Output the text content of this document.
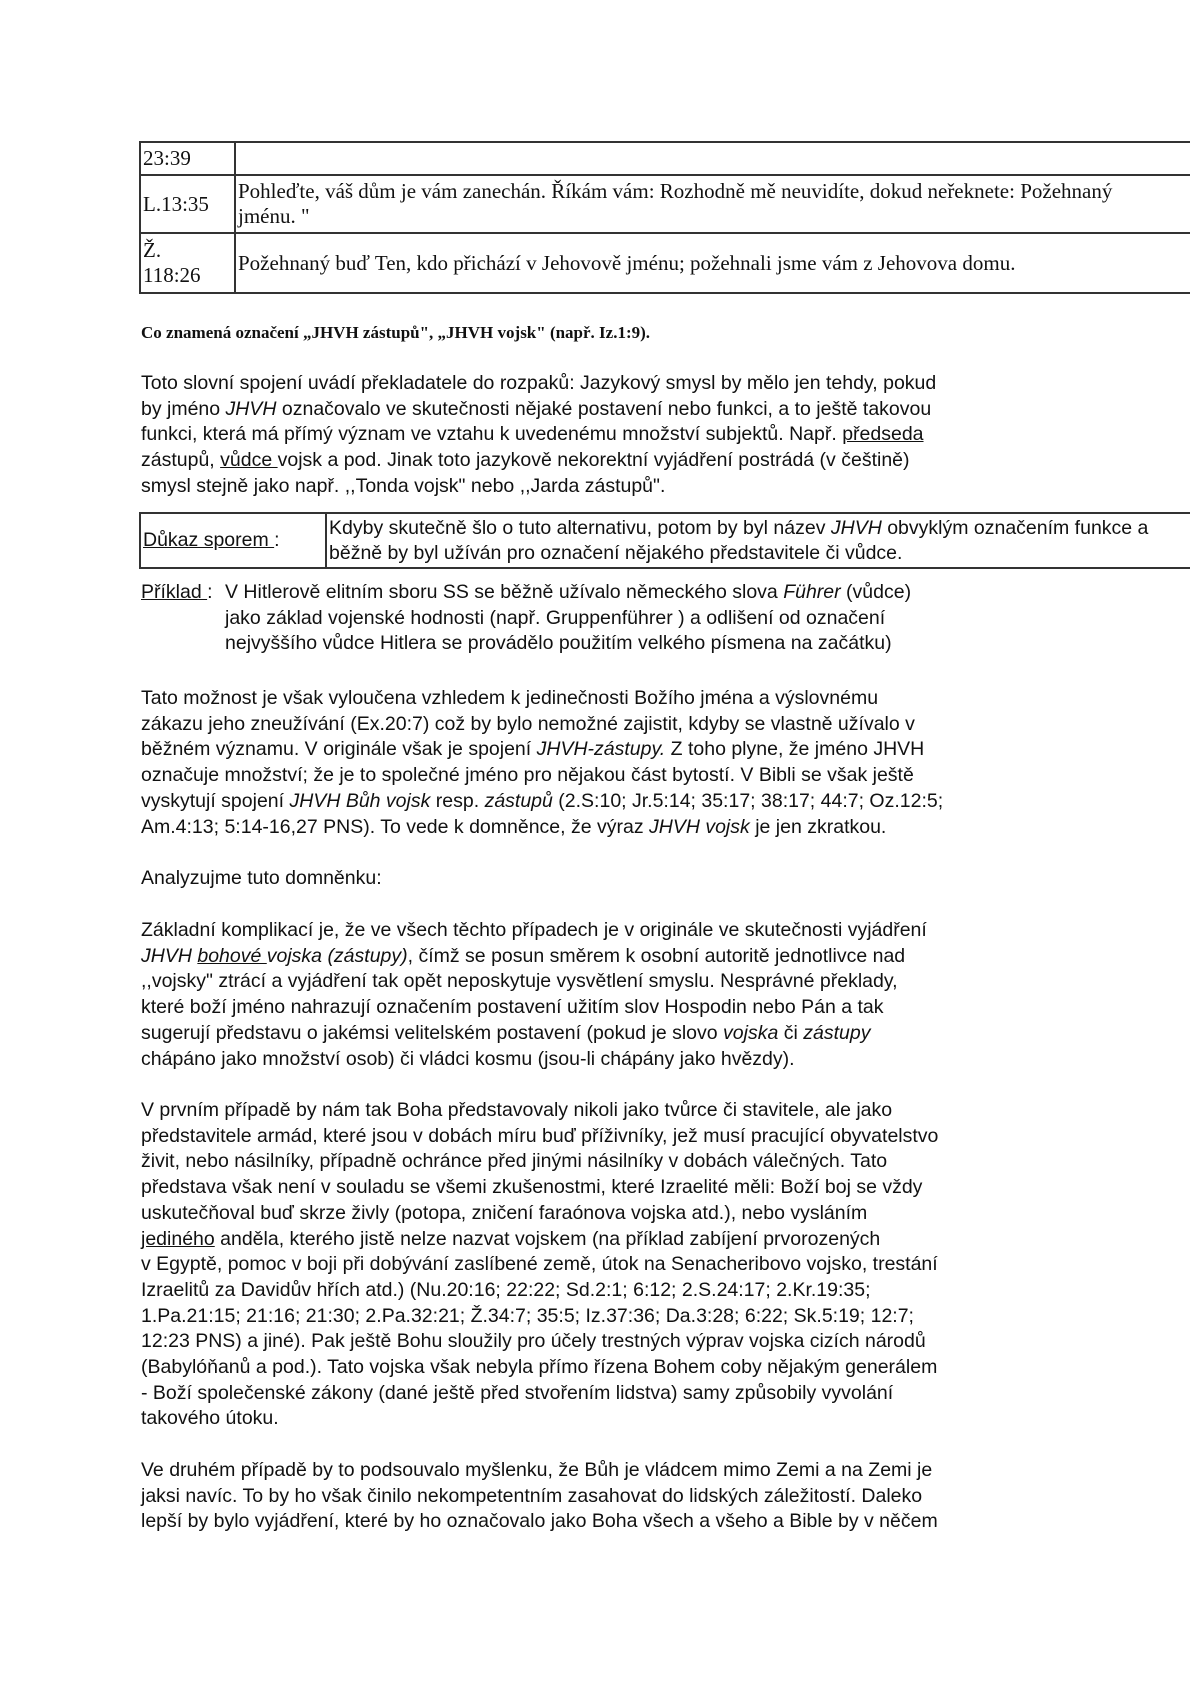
23:39	
L.13:35	Pohleďte, váš dům je vám zanechán. Říkám vám: Rozhodně mě neuvidíte, dokud neřeknete: Požehnaný
jménu. "
Ž.
118:26	Požehnaný buď Ten, kdo přichází v Jehovově jménu; požehnali jsme vám z Jehovova domu.
Co znamená označení „JHVH zástupů", „JHVH vojsk" (např. Iz.1:9).
Toto slovní spojení uvádí překladatele do rozpaků: Jazykový smysl by mělo jen tehdy, pokud
by jméno JHVH označovalo ve skutečnosti nějaké postavení nebo funkci, a to ještě takovou
funkci, která má přímý význam ve vztahu k uvedenému množství subjektů. Např. předseda
zástupů, vůdce vojsk a pod. Jinak toto jazykově nekorektní vyjádření postrádá (v češtině)
smysl stejně jako např. ,,Tonda vojsk" nebo ,,Jarda zástupů".
Důkaz sporem :	Kdyby skutečně šlo o tuto alternativu, potom by byl název JHVH obvyklým označením funkce a
běžně by byl užíván pro označení nějakého představitele či vůdce.
Příklad : V Hitlerově elitním sboru SS se běžně užívalo německého slova Führer (vůdce)
jako základ vojenské hodnosti (např. Gruppenführer ) a odlišení od označení
nejvyššího vůdce Hitlera se provádělo použitím velkého písmena na začátku)
Tato možnost je však vyloučena vzhledem k jedinečnosti Božího jména a výslovnému
zákazu jeho zneužívání (Ex.20:7) což by bylo nemožné zajistit, kdyby se vlastně užívalo v
běžném významu. V originále však je spojení JHVH-zástupy. Z toho plyne, že jméno JHVH
označuje množství; že je to společné jméno pro nějakou část bytostí. V Bibli se však ještě
vyskytují spojení JHVH Bůh vojsk resp. zástupů (2.S:10; Jr.5:14; 35:17; 38:17; 44:7; Oz.12:5;
Am.4:13; 5:14-16,27 PNS). To vede k domněnce, že výraz JHVH vojsk je jen zkratkou.
Analyzujme tuto domněnku:
Základní komplikací je, že ve všech těchto případech je v originále ve skutečnosti vyjádření
JHVH bohové vojska (zástupy), čímž se posun směrem k osobní autoritě jednotlivce nad
,,vojsky" ztrácí a vyjádření tak opět neposkytuje vysvětlení smyslu. Nesprávné překlady,
které boží jméno nahrazují označením postavení užitím slov Hospodin nebo Pán a tak
sugerují představu o jakémsi velitelském postavení (pokud je slovo vojska či zástupy
chápáno jako množství osob) či vládci kosmu (jsou-li chápány jako hvězdy).
V prvním případě by nám tak Boha představovaly nikoli jako tvůrce či stavitele, ale jako
představitele armád, které jsou v dobách míru buď příživníky, jež musí pracující obyvatelstvo
živit, nebo násilníky, případně ochránce před jinými násilníky v dobách válečných. Tato
představa však není v souladu se všemi zkušenostmi, které Izraelité měli: Boží boj se vždy
uskutečňoval buď skrze živly (potopa, zničení faraónova vojska atd.), nebo vysláním
jediného anděla, kterého jistě nelze nazvat vojskem (na příklad zabíjení prvorozených
v Egyptě, pomoc v boji při dobývání zaslíbené země, útok na Senacheribovo vojsko, trestání
Izraelitů za Davidův hřích atd.) (Nu.20:16; 22:22; Sd.2:1; 6:12; 2.S.24:17; 2.Kr.19:35;
1.Pa.21:15; 21:16; 21:30; 2.Pa.32:21; Ž.34:7; 35:5; Iz.37:36; Da.3:28; 6:22; Sk.5:19; 12:7;
12:23 PNS) a jiné). Pak ještě Bohu sloužily pro účely trestných výprav vojska cizích národů
(Babylóňanů a pod.). Tato vojska však nebyla přímo řízena Bohem coby nějakým generálem
- Boží společenské zákony (dané ještě před stvořením lidstva) samy způsobily vyvolání
takového útoku.
Ve druhém případě by to podsouvalo myšlenku, že Bůh je vládcem mimo Zemi a na Zemi je
jaksi navíc. To by ho však činilo nekompetentním zasahovat do lidských záležitostí. Daleko
lepší by bylo vyjádření, které by ho označovalo jako Boha všech a všeho a Bible by v něčem
